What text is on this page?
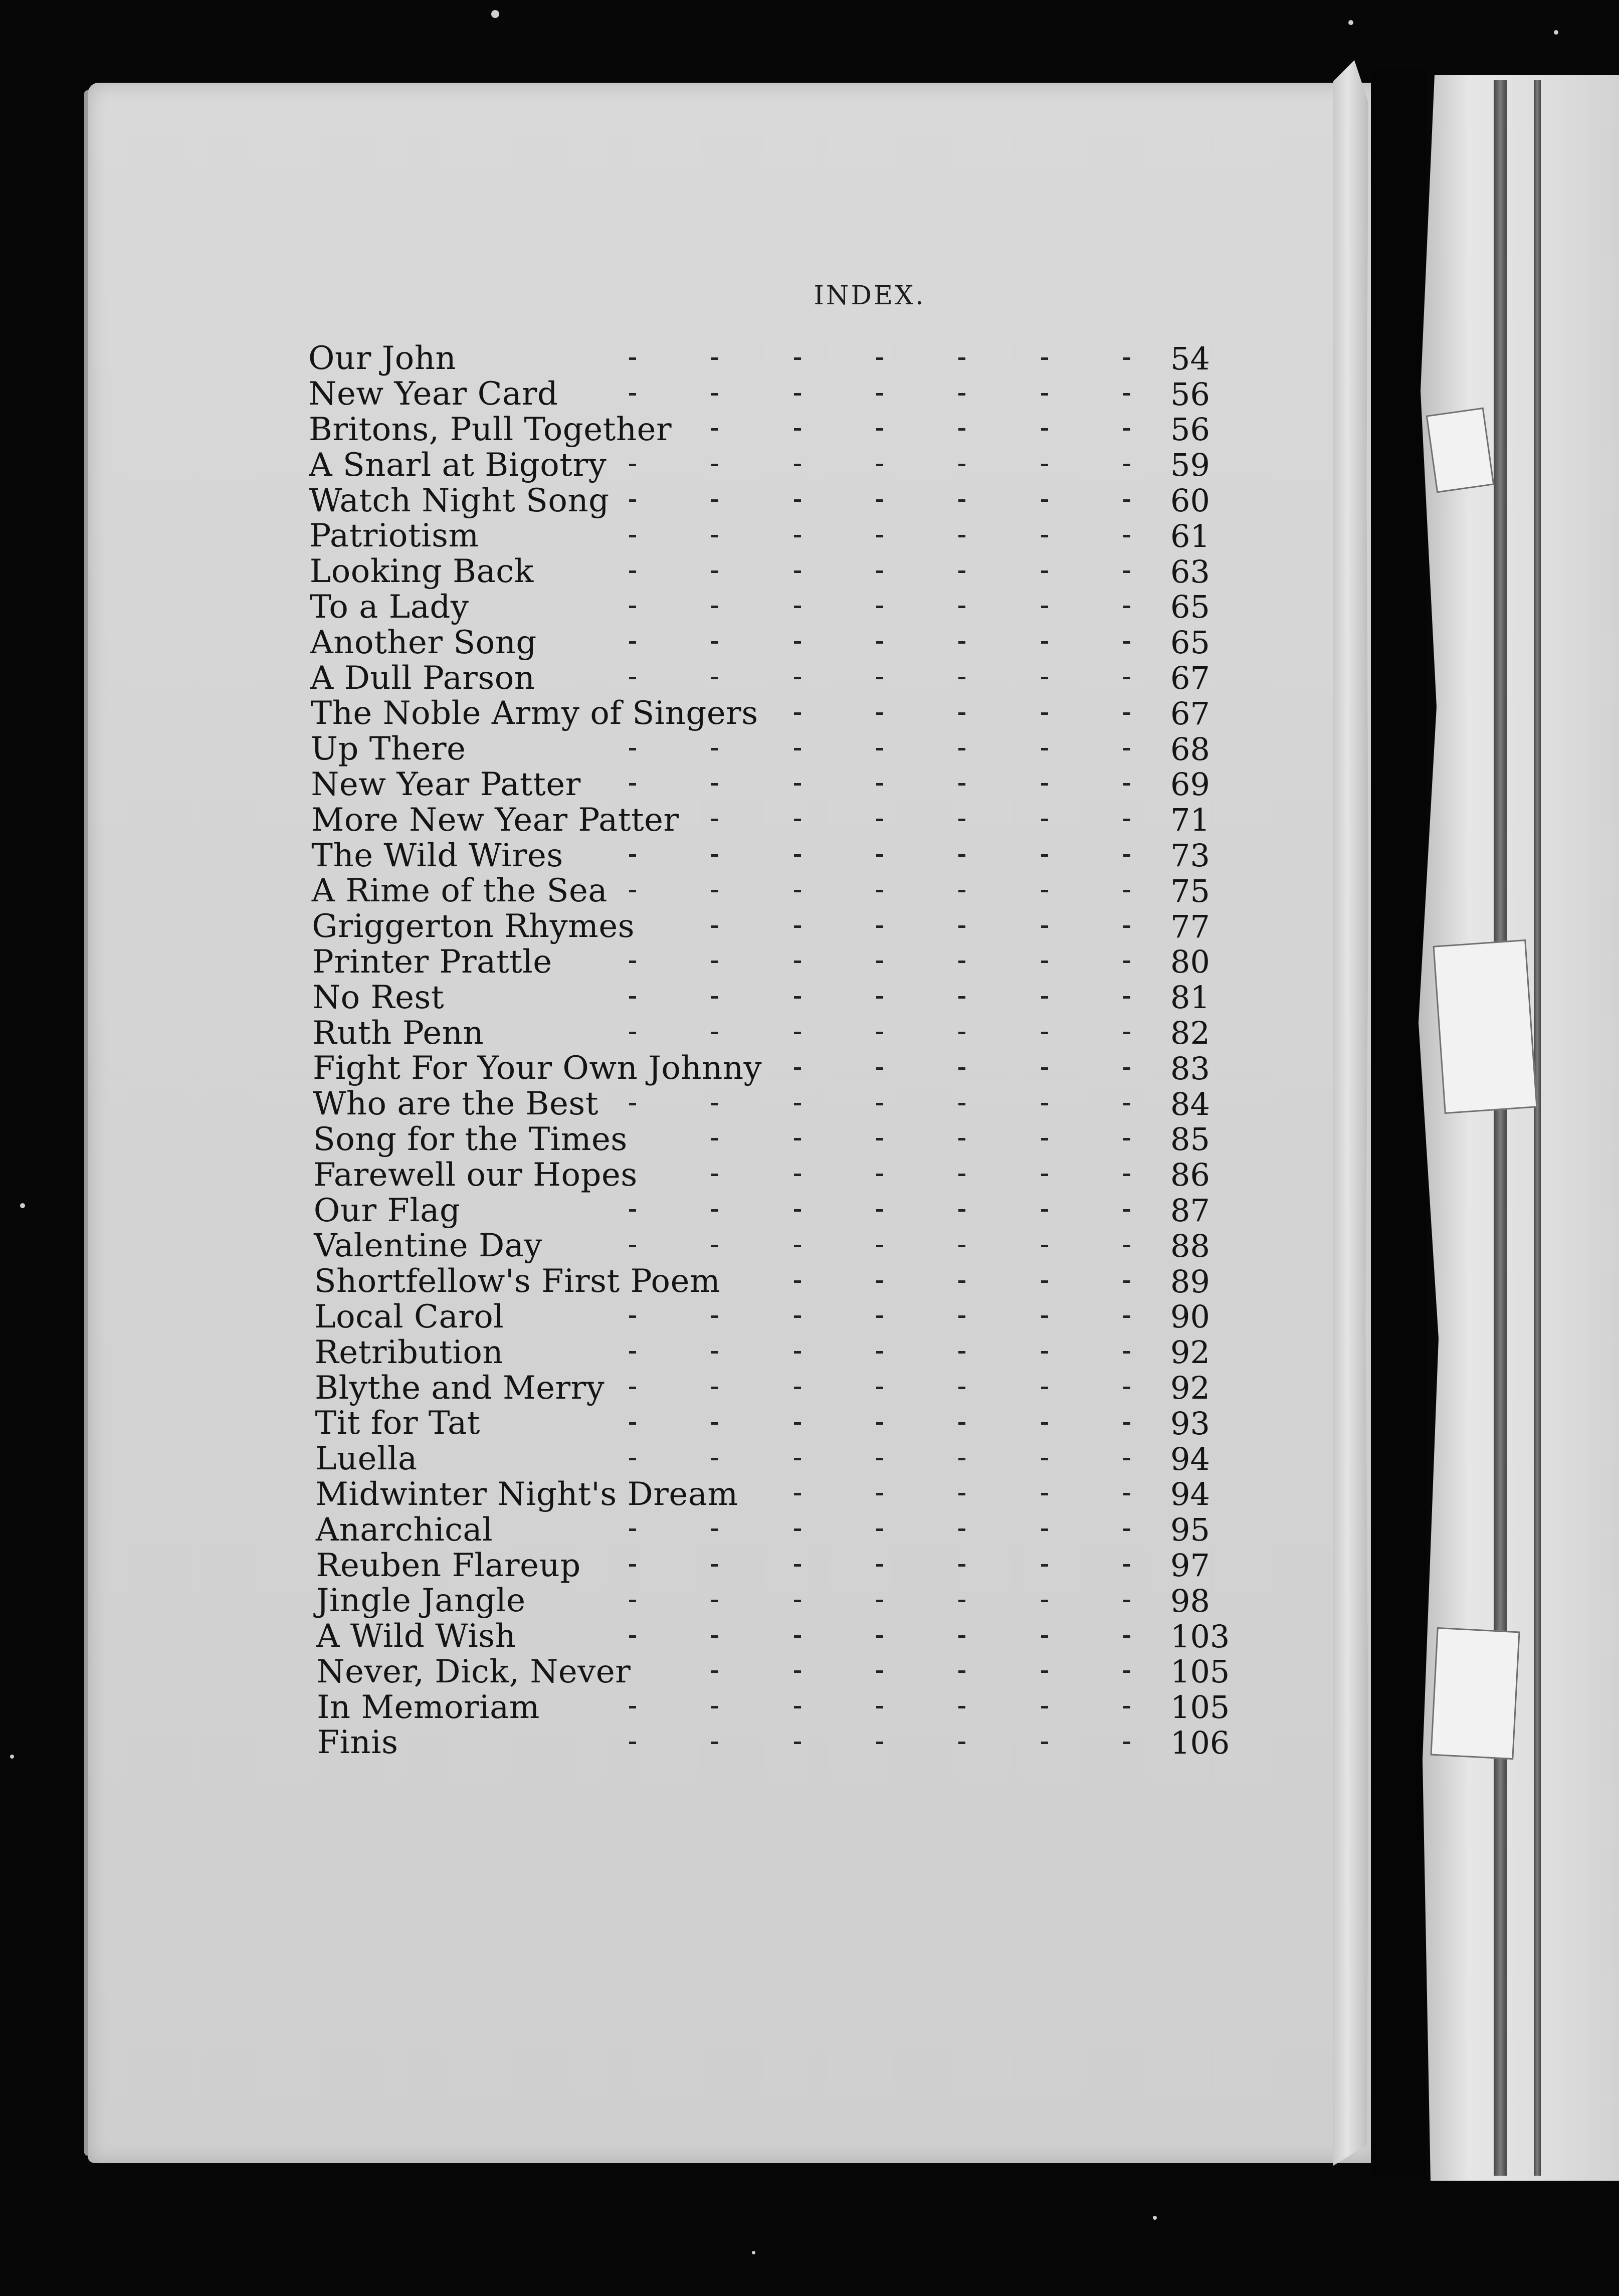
INDEX.
Our John	54
New Year Card	56
Britons, Pull Together	56
A Snarl at Bigotry	59
Watch Night Song	60
Patriotism	61
Looking Back	63
To a Lady	65
Another Song	65
A Dull Parson	67
The Noble Army of Singers	67
Up There	68
New Year Patter	69
More New Year Patter	71
The Wild Wires	73
A Rime of the Sea	75
Griggerton Rhymes	77
Printer Prattle	80
No Rest	81
Ruth Penn	82
Fight For Your Own Johnny	83
Who are the Best	84
Song for the Times	85
Farewell our Hopes	86
Our Flag	87
Valentine Day	88
Shortfellow's First Poem	89
Local Carol	90
Retribution	92
Blythe and Merry	92
Tit for Tat	93
Luella	94
Midwinter Night's Dream	94
Anarchical	95
Reuben Flareup	97
Jingle Jangle	98
A Wild Wish	103
Never, Dick, Never	105
In Memoriam	105
Finis	106
